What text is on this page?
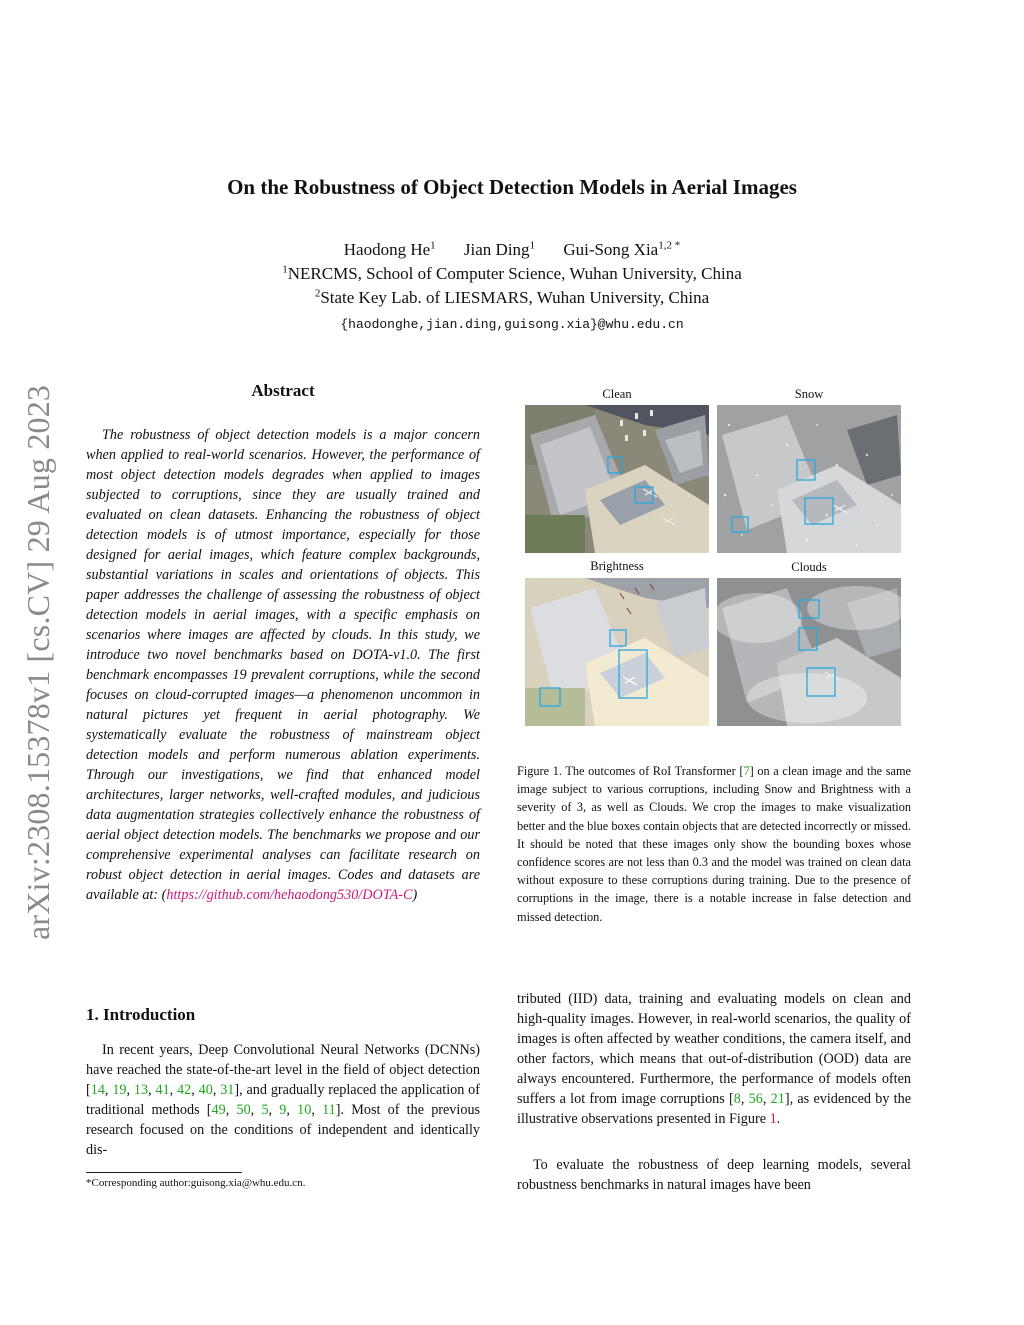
arXiv:2308.15378v1 [cs.CV] 29 Aug 2023
On the Robustness of Object Detection Models in Aerial Images
Haodong He$^1$ Jian Ding$^1$ Gui-Song Xia$^{1,2 *}$
$^1$NERCMS, School of Computer Science, Wuhan University, China
$^2$State Key Lab. of LIESMARS, Wuhan University, China
{haodonghe,jian.ding,guisong.xia}@whu.edu.cn
Abstract

The robustness of object detection models is a major concern when applied to real-world scenarios. However, the performance of most object detection models degrades when applied to images subjected to corruptions, since they are usually trained and evaluated on clean datasets. Enhancing the robustness of object detection models is of utmost importance, especially for those designed for aerial images, which feature complex backgrounds, substantial variations in scales and orientations of objects. This paper addresses the challenge of assessing the robustness of object detection models in aerial images, with a specific emphasis on scenarios where images are affected by clouds. In this study, we introduce two novel benchmarks based on DOTA-v1.0. The first benchmark encompasses 19 prevalent corruptions, while the second focuses on cloud-corrupted images—a phenomenon uncommon in natural pictures yet frequent in aerial photography. We systematically evaluate the robustness of mainstream object detection models and perform numerous ablation experiments. Through our investigations, we find that enhanced model architectures, larger networks, well-crafted modules, and judicious data augmentation strategies collectively enhance the robustness of aerial object detection models. The benchmarks we propose and our comprehensive experimental analyses can facilitate research on robust object detection in aerial images. Codes and datasets are available at: (https://github.com/hehaodong530/DOTA-C)

1. Introduction

In recent years, Deep Convolutional Neural Networks (DCNNs) have reached the state-of-the-art level in the field of object detection [14, 19, 13, 41, 42, 40, 31], and gradually replaced the application of traditional methods [49, 50, 5, 9, 10, 11]. Most of the previous research focused on the conditions of independent and identically dis-

*Corresponding author:guisong.xia@whu.edu.cn.
Clean	Snow
Brightness	Clouds

Figure 1. The outcomes of RoI Transformer [7] on a clean image and the same image subject to various corruptions, including Snow and Brightness with a severity of 3, as well as Clouds. We crop the images to make visualization better and the blue boxes contain objects that are detected incorrectly or missed. It should be noted that these images only show the bounding boxes whose confidence scores are not less than 0.3 and the model was trained on clean data without exposure to these corruptions during training. Due to the presence of corruptions in the image, there is a notable increase in false detection and missed detection.

tributed (IID) data, training and evaluating models on clean and high-quality images. However, in real-world scenarios, the quality of images is often affected by weather conditions, the camera itself, and other factors, which means that out-of-distribution (OOD) data are always encountered. Furthermore, the performance of models often suffers a lot from image corruptions [8, 56, 21], as evidenced by the illustrative observations presented in Figure 1.

To evaluate the robustness of deep learning models, several robustness benchmarks in natural images have been
